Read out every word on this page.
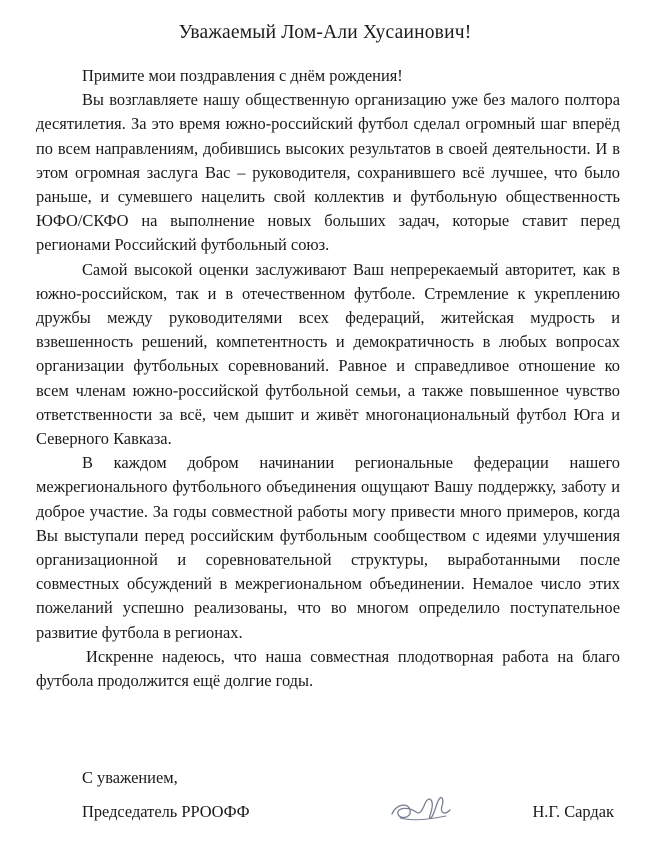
Уважаемый Лом-Али Хусаинович!

Примите мои поздравления с днём рождения!

Вы возглавляете нашу общественную организацию уже без малого полтора десятилетия. За это время южно-российский футбол сделал огромный шаг вперёд по всем направлениям, добившись высоких результатов в своей деятельности. И в этом огромная заслуга Вас – руководителя, сохранившего всё лучшее, что было раньше, и сумевшего нацелить свой коллектив и футбольную общественность ЮФО/СКФО на выполнение новых больших задач, которые ставит перед регионами Российский футбольный союз.

Самой высокой оценки заслуживают Ваш непререкаемый авторитет, как в южно-российском, так и в отечественном футболе. Стремление к укреплению дружбы между руководителями всех федераций, житейская мудрость и взвешенность решений, компетентность и демократичность в любых вопросах организации футбольных соревнований. Равное и справедливое отношение ко всем членам южно-российской футбольной семьи, а также повышенное чувство ответственности за всё, чем дышит и живёт многонациональный футбол Юга и Северного Кавказа.

В каждом добром начинании региональные федерации нашего межрегионального футбольного объединения ощущают Вашу поддержку, заботу и доброе участие. За годы совместной работы могу привести много примеров, когда Вы выступали перед российским футбольным сообществом с идеями улучшения организационной и соревновательной структуры, выработанными после совместных обсуждений в межрегиональном объединении. Немалое число этих пожеланий успешно реализованы, что во многом определило поступательное развитие футбола в регионах.

Искренне надеюсь, что наша совместная плодотворная работа на благо футбола продолжится ещё долгие годы.

С уважением,
Председатель РРООФФ	Н.Г. Сардак
